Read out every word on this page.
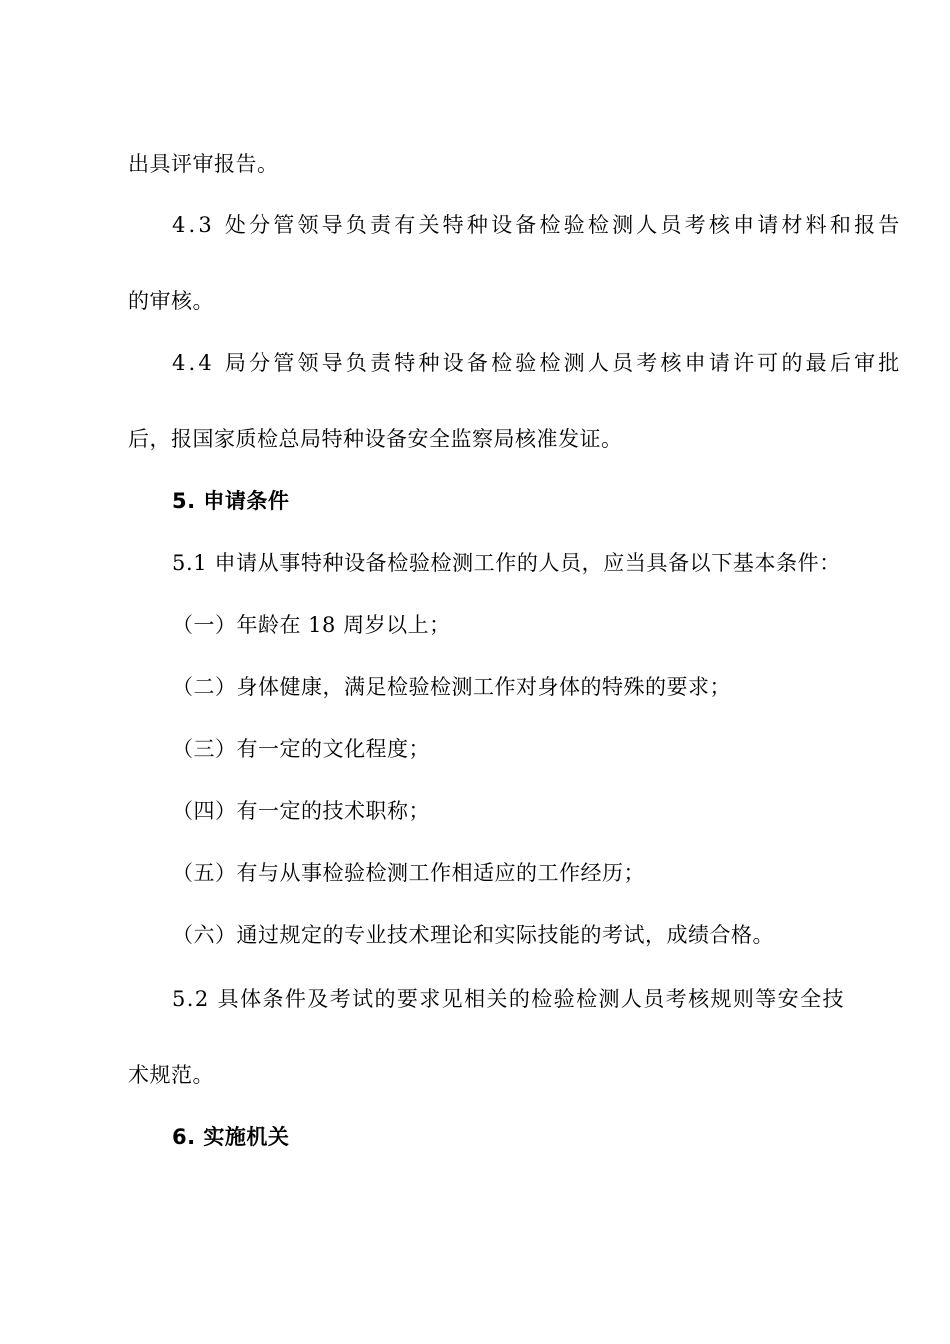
出具评审报告。
4.3 处分管领导负责有关特种设备检验检测人员考核申请材料和报告
的审核。
4.4 局分管领导负责特种设备检验检测人员考核申请许可的最后审批
后，报国家质检总局特种设备安全监察局核准发证。
5. 申请条件
5.1 申请从事特种设备检验检测工作的人员，应当具备以下基本条件：
（一）年龄在 18 周岁以上；
（二）身体健康，满足检验检测工作对身体的特殊的要求；
（三）有一定的文化程度；
（四）有一定的技术职称；
（五）有与从事检验检测工作相适应的工作经历；
（六）通过规定的专业技术理论和实际技能的考试，成绩合格。
5.2 具体条件及考试的要求见相关的检验检测人员考核规则等安全技
术规范。
6. 实施机关
